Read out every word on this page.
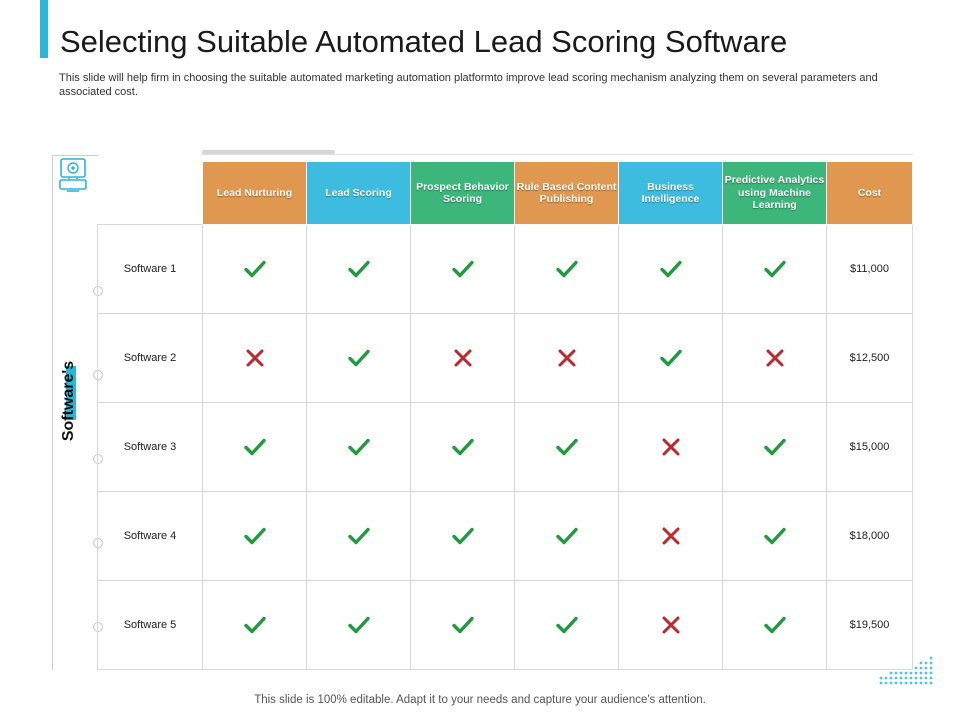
Selecting Suitable Automated Lead Scoring Software
This slide will help firm in choosing the suitable automated marketing automation platformto improve lead scoring mechanism analyzing them on several parameters and associated cost.
Software's
	Lead Nurturing	Lead Scoring	Prospect Behavior Scoring	Rule Based Content Publishing	Business Intelligence	Predictive Analytics using Machine Learning	Cost
Software 1							$11,000
Software 2							$12,500
Software 3							$15,000
Software 4							$18,000
Software 5							$19,500
This slide is 100% editable. Adapt it to your needs and capture your audience's attention.
